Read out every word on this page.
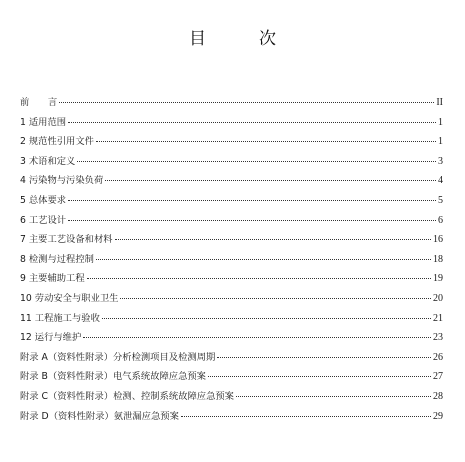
目　次
前　　言	II
1 适用范围	1
2 规范性引用文件	1
3 术语和定义	3
4 污染物与污染负荷	4
5 总体要求	5
6 工艺设计	6
7 主要工艺设备和材料	16
8 检测与过程控制	18
9 主要辅助工程	19
10 劳动安全与职业卫生	20
11 工程施工与验收	21
12 运行与维护	23
附录 A（资料性附录）分析检测项目及检测周期	26
附录 B（资料性附录）电气系统故障应急预案	27
附录 C（资料性附录）检测、控制系统故障应急预案	28
附录 D（资料性附录）氨泄漏应急预案	29
